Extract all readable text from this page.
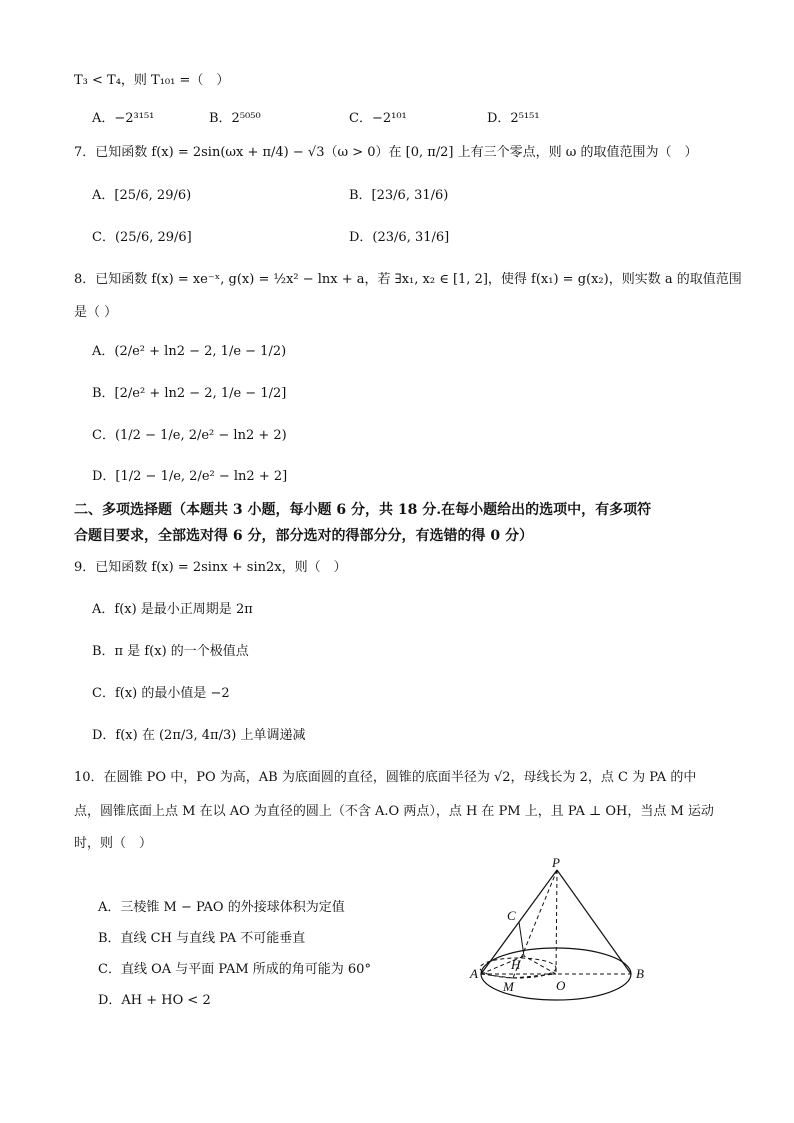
T₃ < T₄，则 T₁₀₁ =（　）
A．−2³¹⁵¹	B．2⁵⁰⁵⁰	C．−2¹⁰¹	D．2⁵¹⁵¹
7．已知函数 f(x) = 2sin(ωx + π/4) − √3（ω > 0）在 [0, π/2] 上有三个零点，则 ω 的取值范围为（　）
A．[25/6, 29/6)	B．[23/6, 31/6)
C．(25/6, 29/6]	D．(23/6, 31/6]
8．已知函数 f(x) = xe⁻ˣ, g(x) = ½x² − lnx + a，若 ∃x₁, x₂ ∈ [1, 2]，使得 f(x₁) = g(x₂)，则实数 a 的取值范围
是（ ）
A．(2/e² + ln2 − 2, 1/e − 1/2)
B．[2/e² + ln2 − 2, 1/e − 1/2]
C．(1/2 − 1/e, 2/e² − ln2 + 2)
D．[1/2 − 1/e, 2/e² − ln2 + 2]
二、多项选择题（本题共 3 小题，每小题 6 分，共 18 分.在每小题给出的选项中，有多项符
合题目要求，全部选对得 6 分，部分选对的得部分分，有选错的得 0 分）
9．已知函数 f(x) = 2sinx + sin2x，则（　）
A．f(x) 是最小正周期是 2π
B．π 是 f(x) 的一个极值点
C．f(x) 的最小值是 −2
D．f(x) 在 (2π/3, 4π/3) 上单调递减
10．在圆锥 PO 中，PO 为高，AB 为底面圆的直径，圆锥的底面半径为 √2，母线长为 2，点 C 为 PA 的中
点，圆锥底面上点 M 在以 AO 为直径的圆上（不含 A.O 两点），点 H 在 PM 上，且 PA ⊥ OH，当点 M 运动
时，则（　）
A．三棱锥 M − PAO 的外接球体积为定值
B．直线 CH 与直线 PA 不可能垂直
C．直线 OA 与平面 PAM 所成的角可能为 60°
D．AH + HO < 2
P
C
H
A
M	O
B
